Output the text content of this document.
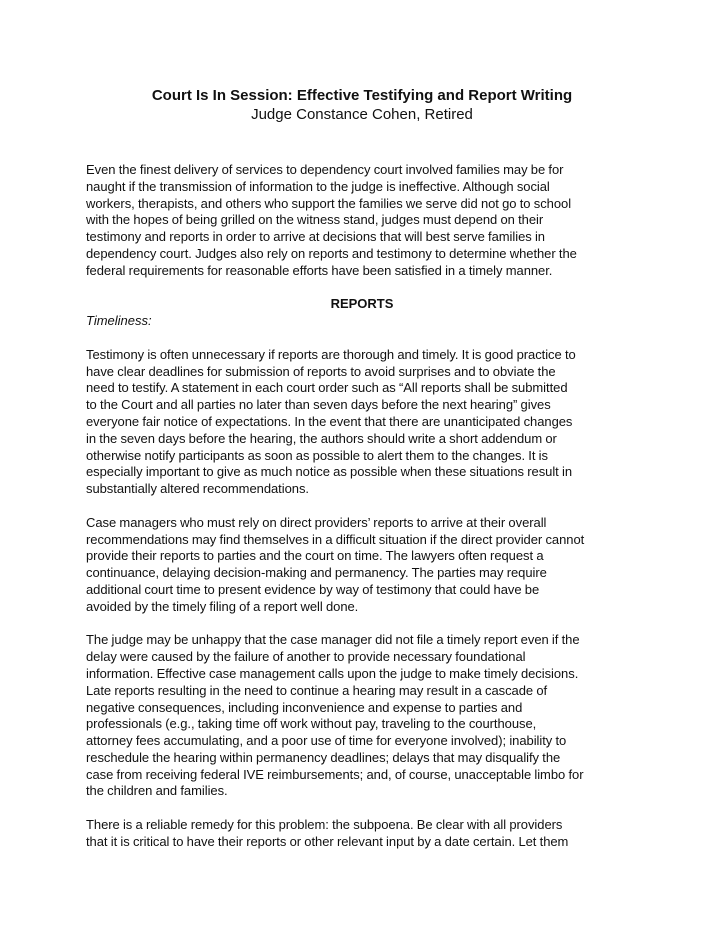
Court Is In Session: Effective Testifying and Report Writing
Judge Constance Cohen, Retired

Even the finest delivery of services to dependency court involved families may be for
naught if the transmission of information to the judge is ineffective. Although social
workers, therapists, and others who support the families we serve did not go to school
with the hopes of being grilled on the witness stand, judges must depend on their
testimony and reports in order to arrive at decisions that will best serve families in
dependency court. Judges also rely on reports and testimony to determine whether the
federal requirements for reasonable efforts have been satisfied in a timely manner.

REPORTS
Timeliness:

Testimony is often unnecessary if reports are thorough and timely. It is good practice to
have clear deadlines for submission of reports to avoid surprises and to obviate the
need to testify. A statement in each court order such as “All reports shall be submitted
to the Court and all parties no later than seven days before the next hearing” gives
everyone fair notice of expectations. In the event that there are unanticipated changes
in the seven days before the hearing, the authors should write a short addendum or
otherwise notify participants as soon as possible to alert them to the changes. It is
especially important to give as much notice as possible when these situations result in
substantially altered recommendations.

Case managers who must rely on direct providers’ reports to arrive at their overall
recommendations may find themselves in a difficult situation if the direct provider cannot
provide their reports to parties and the court on time. The lawyers often request a
continuance, delaying decision-making and permanency. The parties may require
additional court time to present evidence by way of testimony that could have be
avoided by the timely filing of a report well done.

The judge may be unhappy that the case manager did not file a timely report even if the
delay were caused by the failure of another to provide necessary foundational
information. Effective case management calls upon the judge to make timely decisions.
Late reports resulting in the need to continue a hearing may result in a cascade of
negative consequences, including inconvenience and expense to parties and
professionals (e.g., taking time off work without pay, traveling to the courthouse,
attorney fees accumulating, and a poor use of time for everyone involved); inability to
reschedule the hearing within permanency deadlines; delays that may disqualify the
case from receiving federal IVE reimbursements; and, of course, unacceptable limbo for
the children and families.

There is a reliable remedy for this problem: the subpoena. Be clear with all providers
that it is critical to have their reports or other relevant input by a date certain. Let them
